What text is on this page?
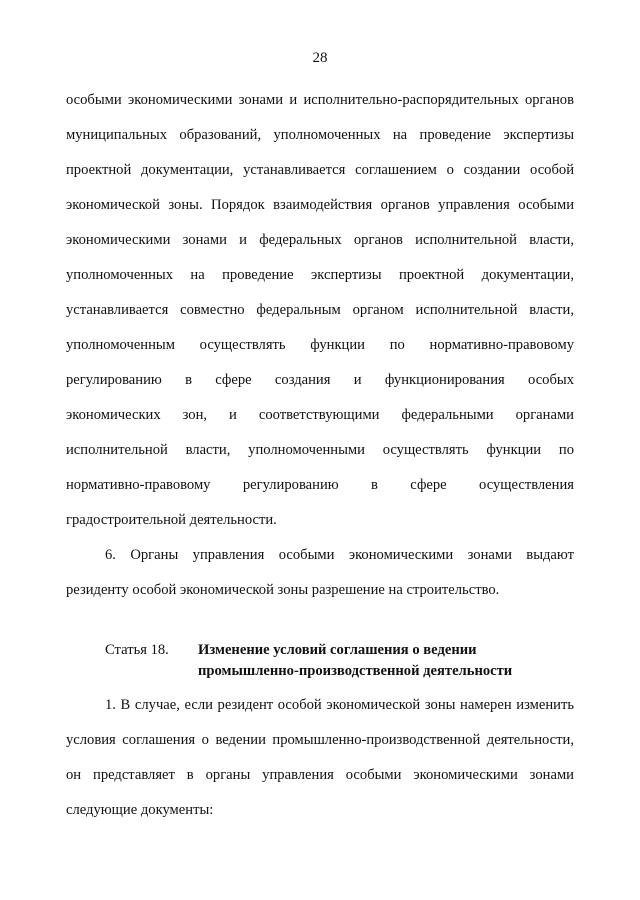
28
особыми экономическими зонами и исполнительно-распорядительных органов
муниципальных образований, уполномоченных на проведение экспертизы
проектной документации, устанавливается соглашением о создании особой
экономической зоны. Порядок взаимодействия органов управления особыми
экономическими зонами и федеральных органов исполнительной власти,
уполномоченных на проведение экспертизы проектной документации,
устанавливается совместно федеральным органом исполнительной власти,
уполномоченным осуществлять функции по нормативно-правовому
регулированию в сфере создания и функционирования особых
экономических зон, и соответствующими федеральными органами
исполнительной власти, уполномоченными осуществлять функции по
нормативно-правовому регулированию в сфере осуществления
градостроительной деятельности.
6. Органы управления особыми экономическими зонами выдают
резиденту особой экономической зоны разрешение на строительство.
Статья 18. Изменение условий соглашения о ведении
промышленно-производственной деятельности
1. В случае, если резидент особой экономической зоны намерен изменить
условия соглашения о ведении промышленно-производственной деятельности,
он представляет в органы управления особыми экономическими зонами
следующие документы:
